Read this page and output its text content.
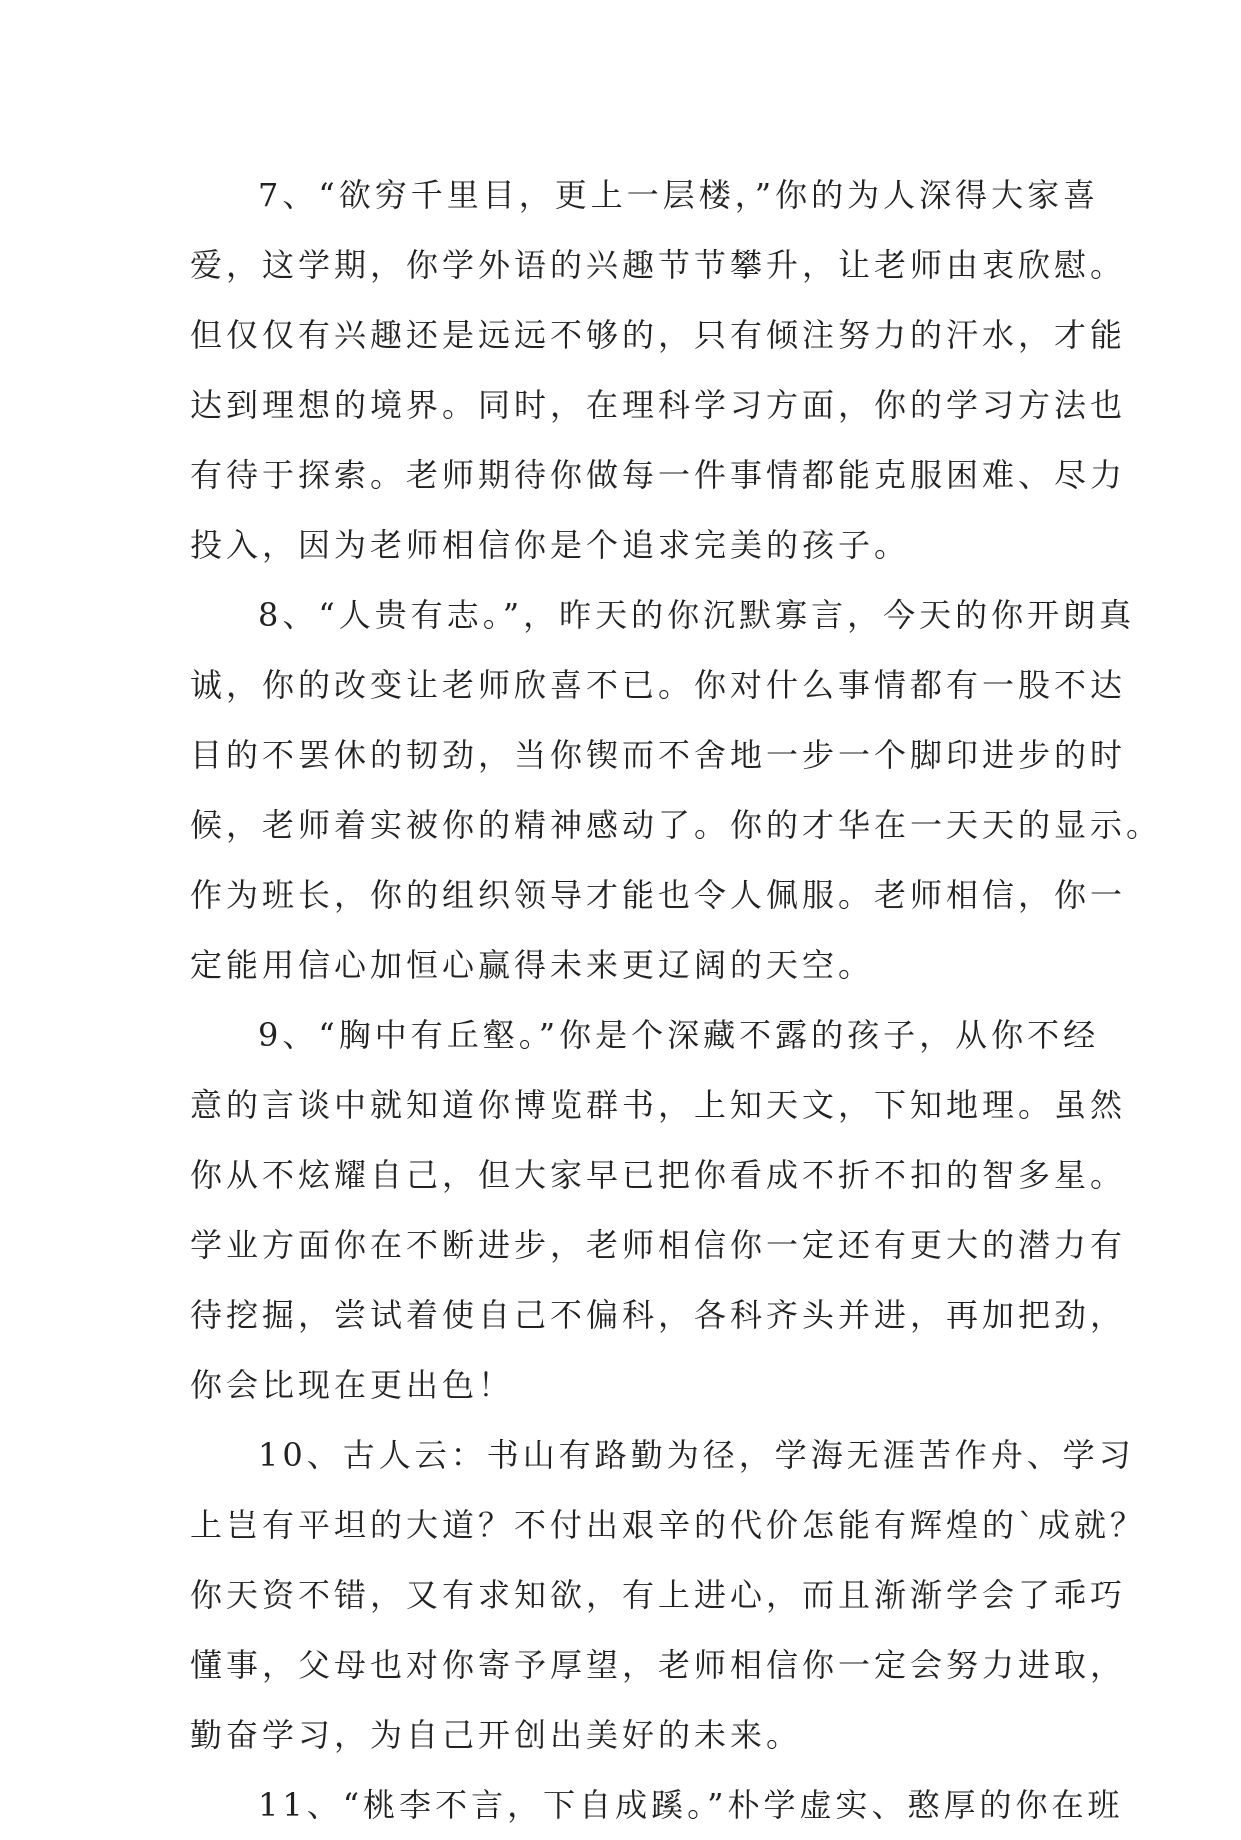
7、“欲穷千里目，更上一层楼，”你的为人深得大家喜
爱，这学期，你学外语的兴趣节节攀升，让老师由衷欣慰。
但仅仅有兴趣还是远远不够的，只有倾注努力的汗水，才能
达到理想的境界。同时，在理科学习方面，你的学习方法也
有待于探索。老师期待你做每一件事情都能克服困难、尽力
投入，因为老师相信你是个追求完美的孩子。
8、“人贵有志。”，昨天的你沉默寡言，今天的你开朗真
诚，你的改变让老师欣喜不已。你对什么事情都有一股不达
目的不罢休的韧劲，当你锲而不舍地一步一个脚印进步的时
候，老师着实被你的精神感动了。你的才华在一天天的显示。
作为班长，你的组织领导才能也令人佩服。老师相信，你一
定能用信心加恒心赢得未来更辽阔的天空。
9、“胸中有丘壑。”你是个深藏不露的孩子，从你不经
意的言谈中就知道你博览群书，上知天文，下知地理。虽然
你从不炫耀自己，但大家早已把你看成不折不扣的智多星。
学业方面你在不断进步，老师相信你一定还有更大的潜力有
待挖掘，尝试着使自己不偏科，各科齐头并进，再加把劲，
你会比现在更出色！
10、古人云：书山有路勤为径，学海无涯苦作舟、学习
上岂有平坦的大道？不付出艰辛的代价怎能有辉煌的`成就？
你天资不错，又有求知欲，有上进心，而且渐渐学会了乖巧
懂事，父母也对你寄予厚望，老师相信你一定会努力进取，
勤奋学习，为自己开创出美好的未来。
11、“桃李不言，下自成蹊。”朴学虚实、憨厚的你在班
